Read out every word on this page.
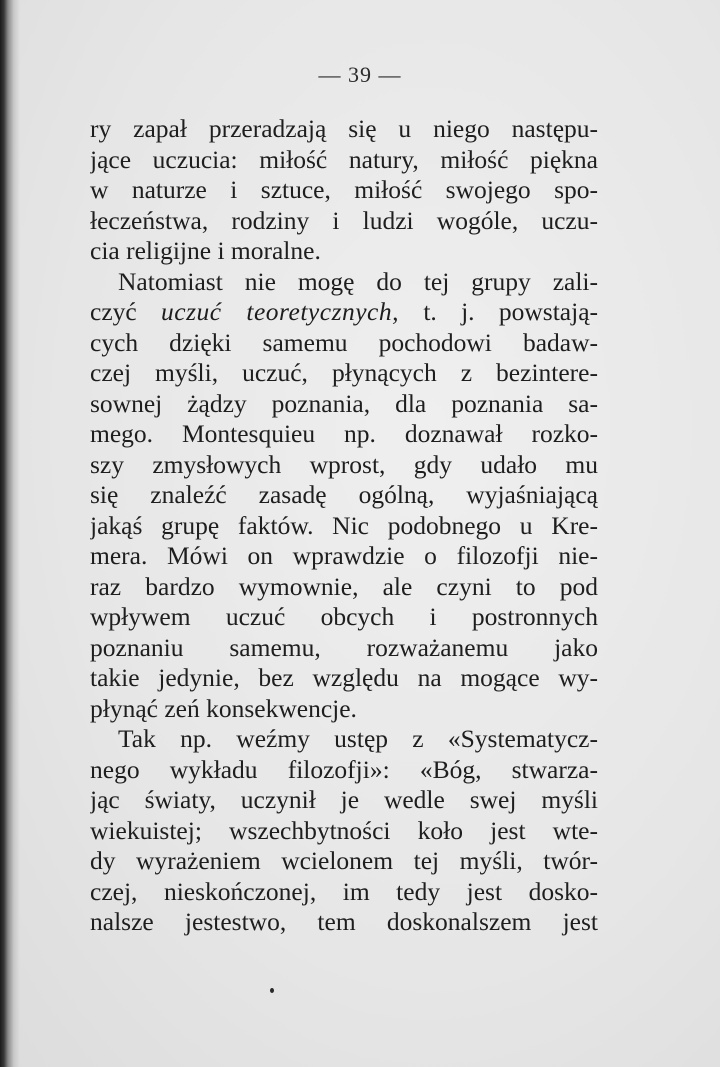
— 39 —
ry zapał przeradzają się u niego następu-
jące uczucia: miłość natury, miłość piękna
w naturze i sztuce, miłość swojego spo-
łeczeństwa, rodziny i ludzi wogóle, uczu-
cia religijne i moralne.
Natomiast nie mogę do tej grupy zali-
czyć uczuć teoretycznych, t. j. powstają-
cych dzięki samemu pochodowi badaw-
czej myśli, uczuć, płynących z bezintere-
sownej żądzy poznania, dla poznania sa-
mego. Montesquieu np. doznawał rozko-
szy zmysłowych wprost, gdy udało mu
się znaleźć zasadę ogólną, wyjaśniającą
jakąś grupę faktów. Nic podobnego u Kre-
mera. Mówi on wprawdzie o filozofji nie-
raz bardzo wymownie, ale czyni to pod
wpływem uczuć obcych i postronnych
poznaniu samemu, rozważanemu jako
takie jedynie, bez względu na mogące wy-
płynąć zeń konsekwencje.
Tak np. weźmy ustęp z «Systematycz-
nego wykładu filozofji»: «Bóg, stwarza-
jąc światy, uczynił je wedle swej myśli
wiekuistej; wszechbytności koło jest wte-
dy wyrażeniem wcielonem tej myśli, twór-
czej, nieskończonej, im tedy jest dosko-
nalsze jestestwo, tem doskonalszem jest
